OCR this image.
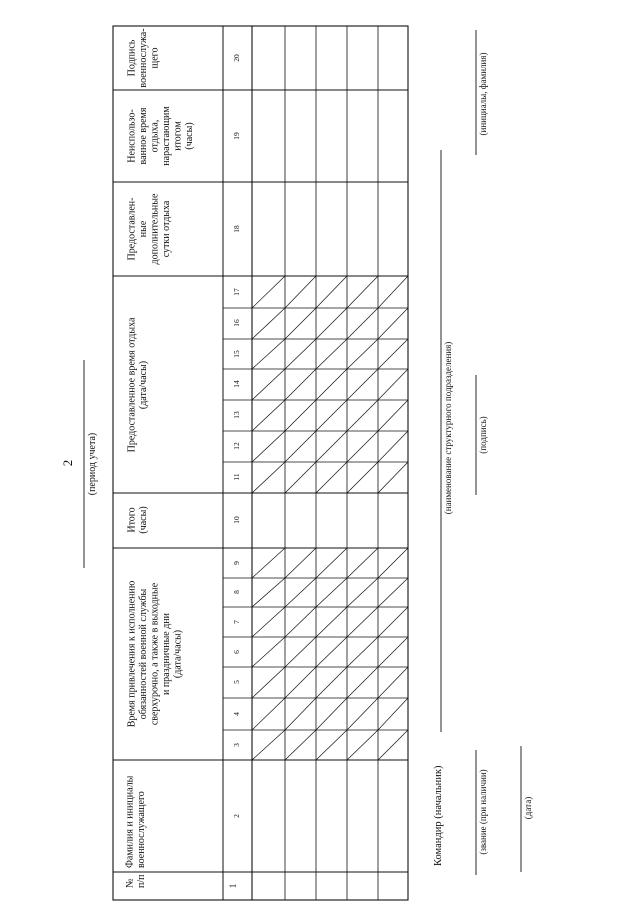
2 (период учета)
№ п/п
Фамилия и инициалы военнослужащего
Время привлечения к исполнению обязанностей военной службы сверхурочно, а также в выходные и праздничные дни (дата/часы)
Итого (часы)
Предоставленное время отдыха (дата/часы)
Предоставлен- ные дополнительные сутки отдыха
Неиспользо- ванное время отдыха, нарастающим итогом (часы)
Подпись военнослужа- щего
2
3
4
5
6
7
8
9
10
11
12
13
14
15
16
17
18
19
20
1
Командир (начальник)
(наименование структурного подразделения)
(звание (при наличии)
(подпись)
(инициалы, фамилия)
(дата)
